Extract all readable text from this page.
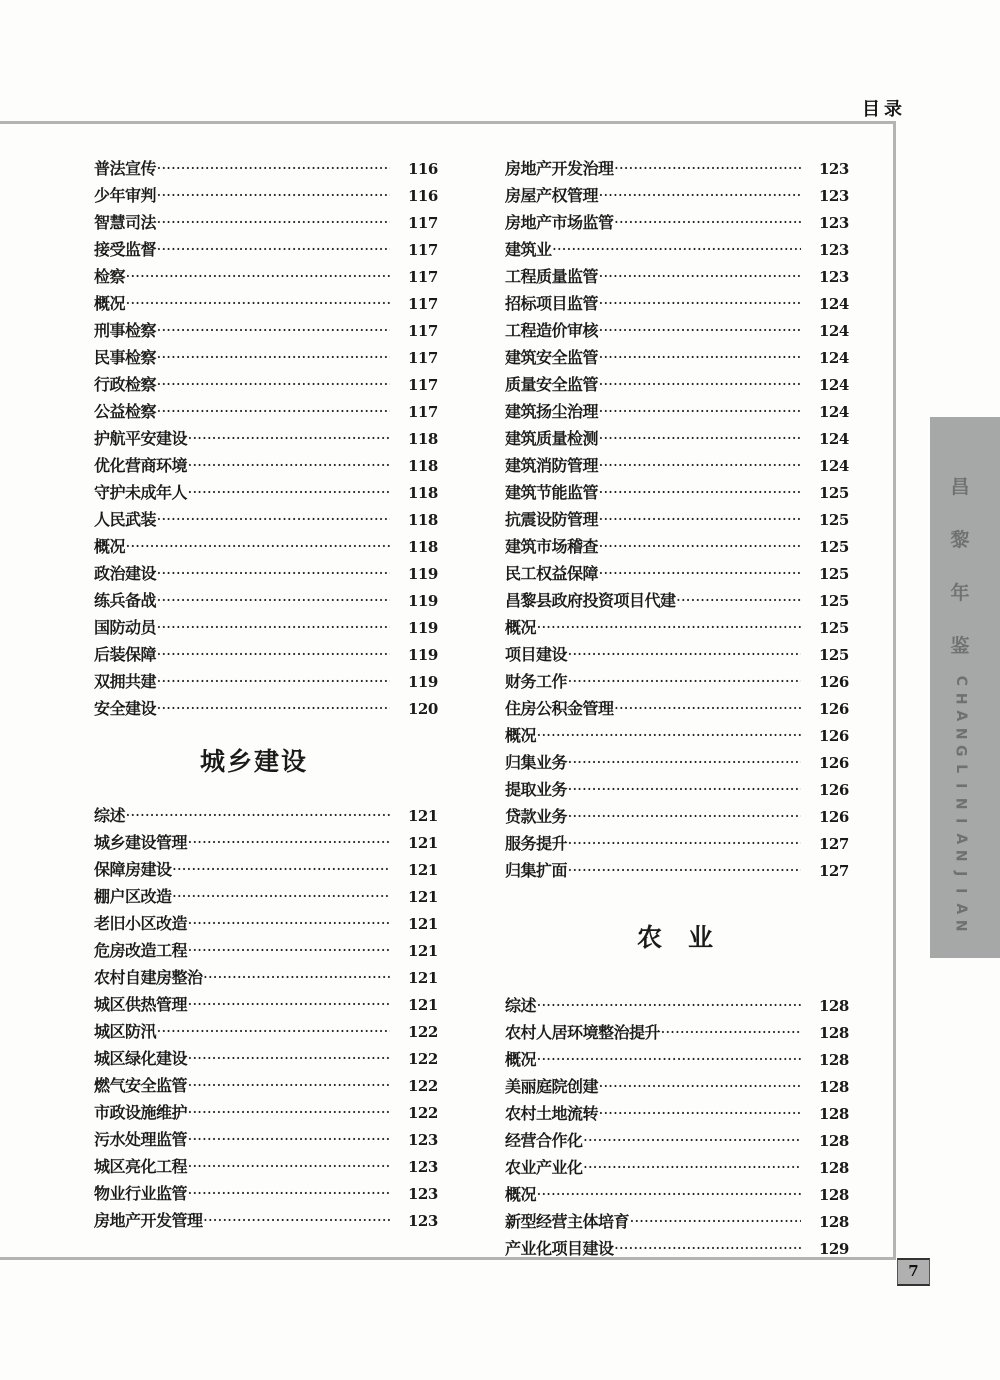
目录
普法宣传 ·····	116
少年审判 ·····	116
智慧司法 ·····	117
接受监督 ·····	117
检察 ·····	117
概况 ·····	117
刑事检察 ·····	117
民事检察 ·····	117
行政检察 ·····	117
公益检察 ·····	117
护航平安建设 ·····	118
优化营商环境 ·····	118
守护未成年人 ·····	118
人民武装 ·····	118
概况 ·····	118
政治建设 ·····	119
练兵备战 ·····	119
国防动员 ·····	119
后装保障 ·····	119
双拥共建 ·····	119
安全建设 ·····	120
城乡建设
综述 ·····	121
城乡建设管理 ·····	121
保障房建设 ·····	121
棚户区改造 ·····	121
老旧小区改造 ·····	121
危房改造工程 ·····	121
农村自建房整治 ·····	121
城区供热管理 ·····	121
城区防汛 ·····	122
城区绿化建设 ·····	122
燃气安全监管 ·····	122
市政设施维护 ·····	122
污水处理监管 ·····	123
城区亮化工程 ·····	123
物业行业监管 ·····	123
房地产开发管理 ·····	123
房地产开发治理 ·····	123
房屋产权管理 ·····	123
房地产市场监管 ·····	123
建筑业 ·····	123
工程质量监管 ·····	123
招标项目监管 ·····	124
工程造价审核 ·····	124
建筑安全监管 ·····	124
质量安全监管 ·····	124
建筑扬尘治理 ·····	124
建筑质量检测 ·····	124
建筑消防管理 ·····	124
建筑节能监管 ·····	125
抗震设防管理 ·····	125
建筑市场稽查 ·····	125
民工权益保障 ·····	125
昌黎县政府投资项目代建 ·····	125
概况 ·····	125
项目建设 ·····	125
财务工作 ·····	126
住房公积金管理 ·····	126
概况 ·····	126
归集业务 ·····	126
提取业务 ·····	126
贷款业务 ·····	126
服务提升 ·····	127
归集扩面 ·····	127
农业
综述 ·····	128
农村人居环境整治提升 ·····	128
概况 ·····	128
美丽庭院创建 ·····	128
农村土地流转 ·····	128
经营合作化 ·····	128
农业产业化 ·····	128
概况 ·····	128
新型经营主体培育 ·····	128
产业化项目建设 ·····	129
昌
黎
年
鉴
C
H
A
N
G
L
I
N
I
A
N
J
I
A
N
7
